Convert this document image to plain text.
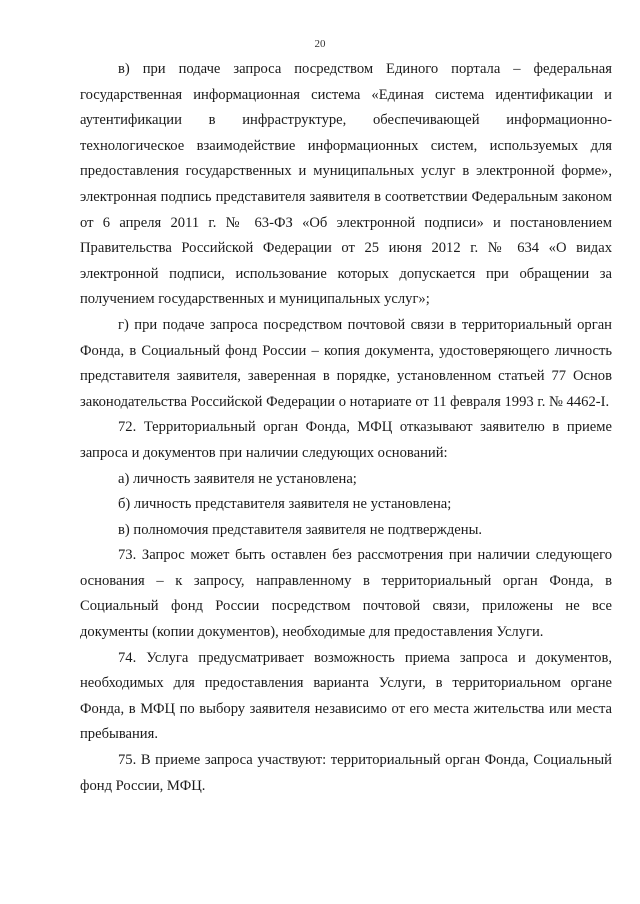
20

в) при подаче запроса посредством Единого портала – федеральная государственная информационная система «Единая система идентификации и аутентификации в инфраструктуре, обеспечивающей информационно-технологическое взаимодействие информационных систем, используемых для предоставления государственных и муниципальных услуг в электронной форме», электронная подпись представителя заявителя в соответствии Федеральным законом от 6 апреля 2011 г. № 63-ФЗ «Об электронной подписи» и постановлением Правительства Российской Федерации от 25 июня 2012 г. № 634 «О видах электронной подписи, использование которых допускается при обращении за получением государственных и муниципальных услуг»;

г) при подаче запроса посредством почтовой связи в территориальный орган Фонда, в Социальный фонд России – копия документа, удостоверяющего личность представителя заявителя, заверенная в порядке, установленном статьей 77 Основ законодательства Российской Федерации о нотариате от 11 февраля 1993 г. № 4462-I.

72. Территориальный орган Фонда, МФЦ отказывают заявителю в приеме запроса и документов при наличии следующих оснований:

а) личность заявителя не установлена;

б) личность представителя заявителя не установлена;

в) полномочия представителя заявителя не подтверждены.

73. Запрос может быть оставлен без рассмотрения при наличии следующего основания – к запросу, направленному в территориальный орган Фонда, в Социальный фонд России посредством почтовой связи, приложены не все документы (копии документов), необходимые для предоставления Услуги.

74. Услуга предусматривает возможность приема запроса и документов, необходимых для предоставления варианта Услуги, в территориальном органе Фонда, в МФЦ по выбору заявителя независимо от его места жительства или места пребывания.

75. В приеме запроса участвуют: территориальный орган Фонда, Социальный фонд России, МФЦ.
